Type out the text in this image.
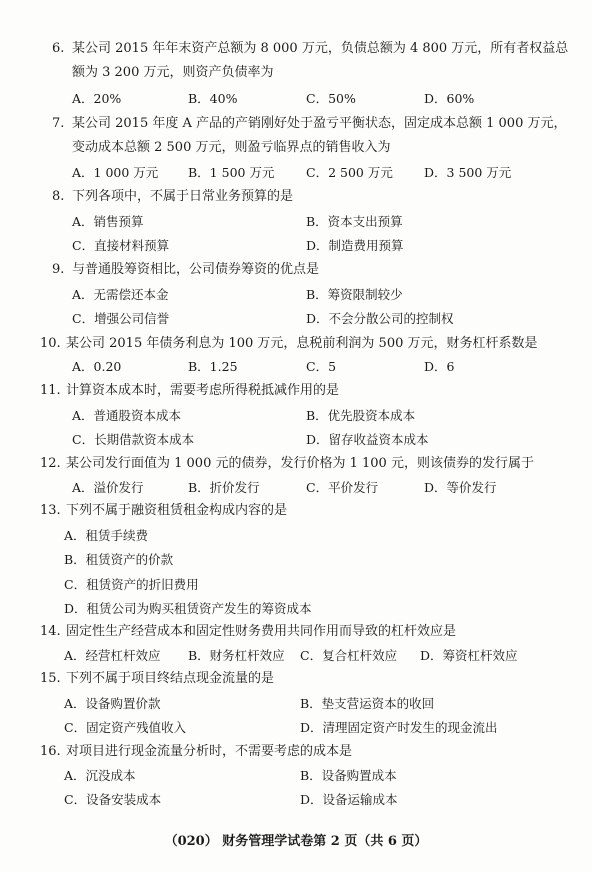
6. 某公司 2015 年年末资产总额为 8 000 万元，负债总额为 4 800 万元，所有者权益总
额为 3 200 万元，则资产负债率为
A．20%	B．40%	C．50%	D．60%
7. 某公司 2015 年度 A 产品的产销刚好处于盈亏平衡状态，固定成本总额 1 000 万元，
变动成本总额 2 500 万元，则盈亏临界点的销售收入为
A．1 000 万元 B．1 500 万元	C．2 500 万元 D．3 500 万元
8. 下列各项中，不属于日常业务预算的是
A．销售预算	B．资本支出预算
C．直接材料预算	D．制造费用预算
9. 与普通股筹资相比，公司债券筹资的优点是
A．无需偿还本金	B．筹资限制较少
C．增强公司信誉	D．不会分散公司的控制权
10. 某公司 2015 年债务利息为 100 万元，息税前利润为 500 万元，财务杠杆系数是
A．0.20	B．1.25	C．5	D．6
11. 计算资本成本时，需要考虑所得税抵减作用的是
A．普通股资本成本	B．优先股资本成本
C．长期借款资本成本	D．留存收益资本成本
12. 某公司发行面值为 1 000 元的债券，发行价格为 1 100 元，则该债券的发行属于
A．溢价发行	B．折价发行	C．平价发行	D．等价发行
13. 下列不属于融资租赁租金构成内容的是
A．租赁手续费
B．租赁资产的价款
C．租赁资产的折旧费用
D．租赁公司为购买租赁资产发生的筹资成本
14. 固定性生产经营成本和固定性财务费用共同作用而导致的杠杆效应是
A．经营杠杆效应 B．财务杠杆效应 C．复合杠杆效应 D．筹资杠杆效应
15. 下列不属于项目终结点现金流量的是
A．设备购置价款	B．垫支营运资本的收回
C．固定资产残值收入	D．清理固定资产时发生的现金流出
16. 对项目进行现金流量分析时，不需要考虑的成本是
A．沉没成本	B．设备购置成本
C．设备安装成本	D．设备运输成本
（020） 财务管理学试卷第 2 页（共 6 页）
